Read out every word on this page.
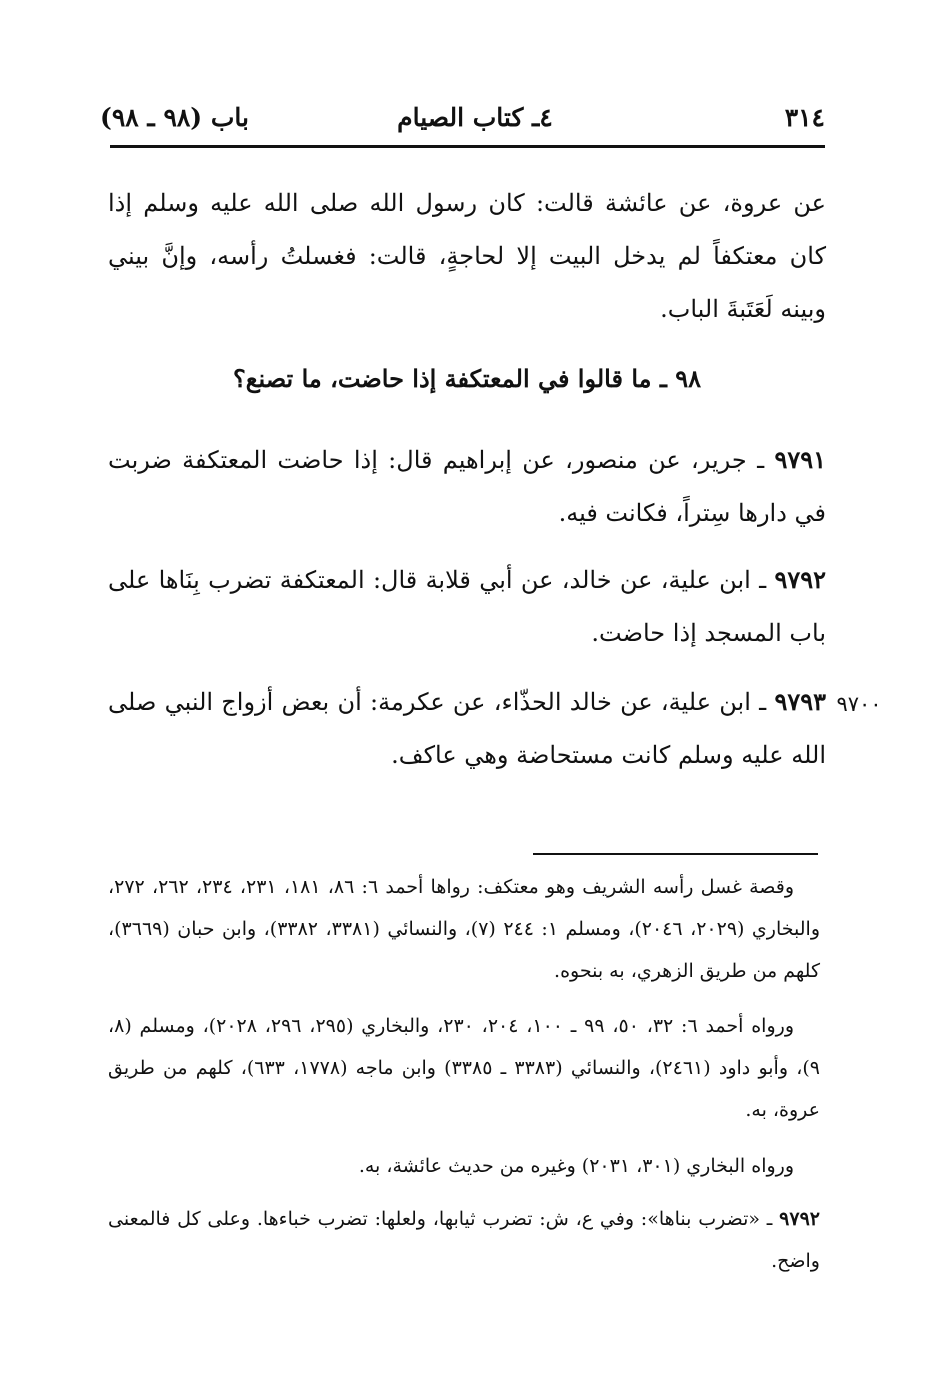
٣١٤
٤ـ كتاب الصيام
باب (٩٨ ـ ٩٨)
عن عروة، عن عائشة قالت: كان رسول الله صلى الله عليه وسلم إذا كان معتكفاً لم يدخل البيت إلا لحاجةٍ، قالت: فغسلتُ رأسه، وإنَّ بيني وبينه لَعَتَبةَ الباب.
٩٨ ـ ما قالوا في المعتكفة إذا حاضت، ما تصنع؟
٩٧٩١ ـ جرير، عن منصور، عن إبراهيم قال: إذا حاضت المعتكفة ضربت في دارها سِتراً، فكانت فيه.
٩٧٩٢ ـ ابن علية، عن خالد، عن أبي قلابة قال: المعتكفة تضرب بِنَاها على باب المسجد إذا حاضت.
٩٧٩٣ ـ ابن علية، عن خالد الحذّاء، عن عكرمة: أن بعض أزواج النبي صلى الله عليه وسلم كانت مستحاضة وهي عاكف.
٩٧٠٠
وقصة غسل رأسه الشريف وهو معتكف: رواها أحمد ٦: ٨٦، ١٨١، ٢٣١، ٢٣٤، ٢٦٢، ٢٧٢، والبخاري (٢٠٢٩، ٢٠٤٦)، ومسلم ١: ٢٤٤ (٧)، والنسائي (٣٣٨١، ٣٣٨٢)، وابن حبان (٣٦٦٩)، كلهم من طريق الزهري، به بنحوه.
ورواه أحمد ٦: ٣٢، ٥٠، ٩٩ ـ ١٠٠، ٢٠٤، ٢٣٠، والبخاري (٢٩٥، ٢٩٦، ٢٠٢٨)، ومسلم (٨، ٩)، وأبو داود (٢٤٦١)، والنسائي (٣٣٨٣ ـ ٣٣٨٥) وابن ماجه (١٧٧٨، ٦٣٣)، كلهم من طريق عروة، به.
ورواه البخاري (٣٠١، ٢٠٣١) وغيره من حديث عائشة، به.
٩٧٩٢ ـ «تضرب بناها»: وفي ع، ش: تضرب ثيابها، ولعلها: تضرب خباءها. وعلى كل فالمعنى واضح.
